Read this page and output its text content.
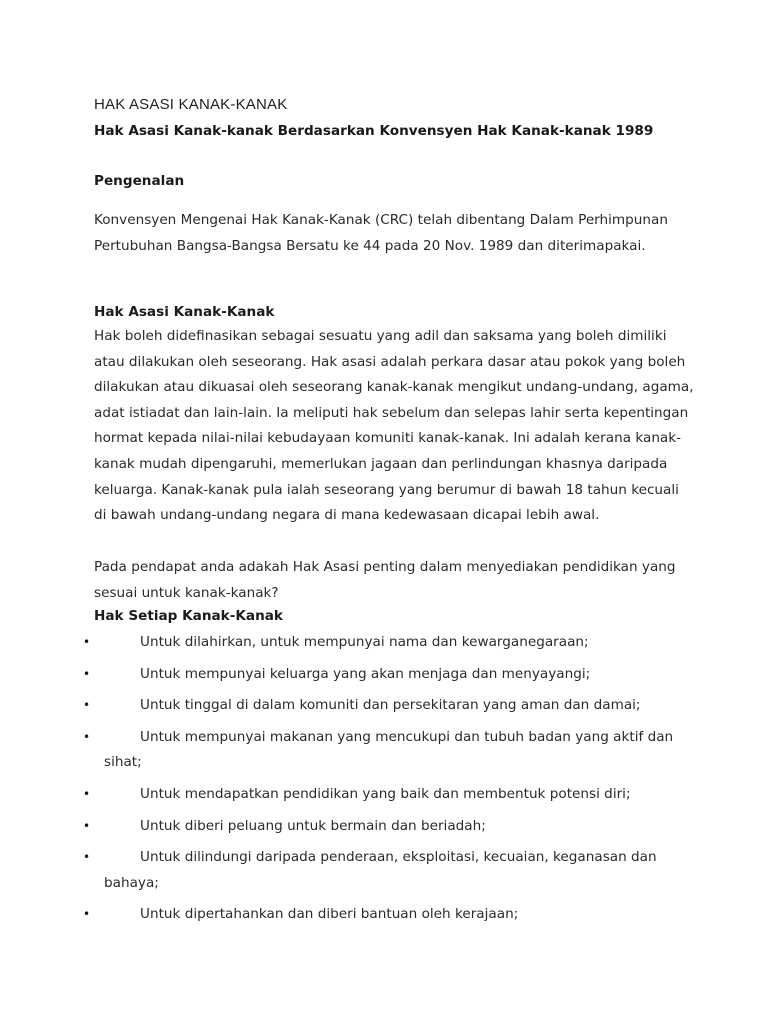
HAK ASASI KANAK-KANAK
Hak Asasi Kanak-kanak Berdasarkan Konvensyen Hak Kanak-kanak 1989
Pengenalan

Konvensyen Mengenai Hak Kanak-Kanak (CRC) telah dibentang Dalam Perhimpunan Pertubuhan Bangsa-Bangsa Bersatu ke 44 pada 20 Nov. 1989 dan diterimapakai.

Hak Asasi Kanak-Kanak

Hak boleh didefinasikan sebagai sesuatu yang adil dan saksama yang boleh dimiliki atau dilakukan oleh seseorang. Hak asasi adalah perkara dasar atau pokok yang boleh dilakukan atau dikuasai oleh seseorang kanak-kanak mengikut undang-undang, agama, adat istiadat dan lain-lain. Ia meliputi hak sebelum dan selepas lahir serta kepentingan hormat kepada nilai-nilai kebudayaan komuniti kanak-kanak. Ini adalah kerana kanak-kanak mudah dipengaruhi, memerlukan jagaan dan perlindungan khasnya daripada keluarga. Kanak-kanak pula ialah seseorang yang berumur di bawah 18 tahun kecuali di bawah undang-undang negara di mana kedewasaan dicapai lebih awal.

Pada pendapat anda adakah Hak Asasi penting dalam menyediakan pendidikan yang sesuai untuk kanak-kanak?

Hak Setiap Kanak-Kanak
•	Untuk dilahirkan, untuk mempunyai nama dan kewarganegaraan;
•	Untuk mempunyai keluarga yang akan menjaga dan menyayangi;
•	Untuk tinggal di dalam komuniti dan persekitaran yang aman dan damai;
•	Untuk mempunyai makanan yang mencukupi dan tubuh badan yang aktif dan sihat;
•	Untuk mendapatkan pendidikan yang baik dan membentuk potensi diri;
•	Untuk diberi peluang untuk bermain dan beriadah;
•	Untuk dilindungi daripada penderaan, eksploitasi, kecuaian, keganasan dan bahaya;
•	Untuk dipertahankan dan diberi bantuan oleh kerajaan;
